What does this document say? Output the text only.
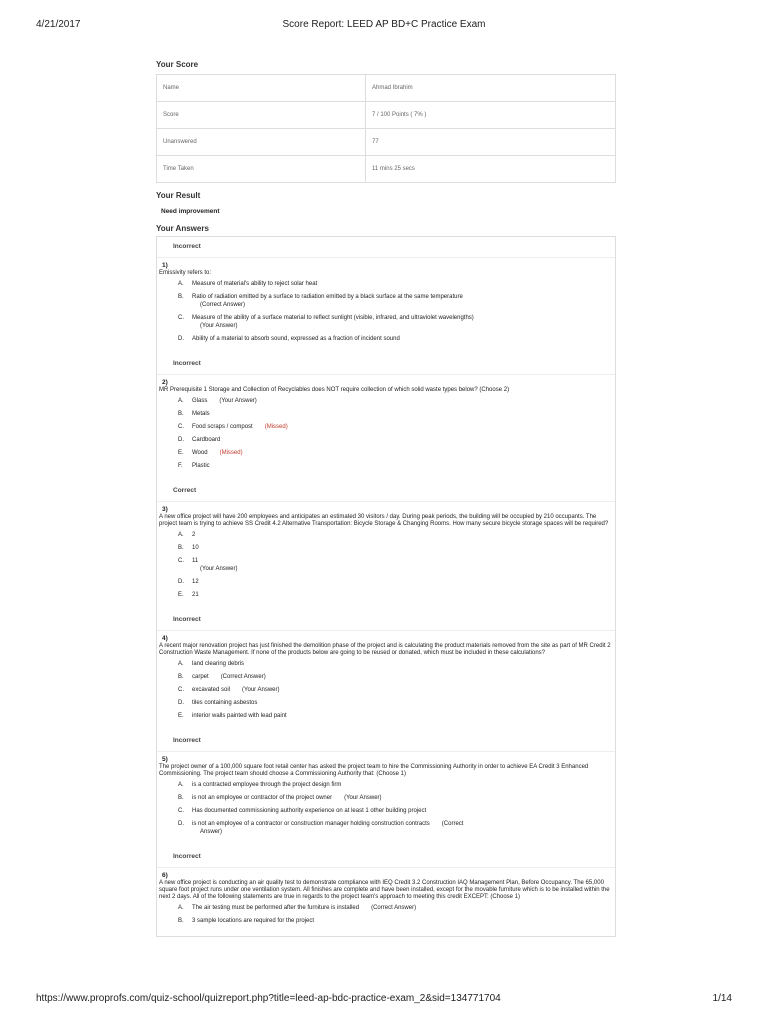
4/21/2017	Score Report: LEED AP BD+C Practice Exam
Your Score
Name	Ahmad Ibrahim
Score	7 / 100 Points ( 7% )
Unanswered	77
Time Taken	11 mins 25 secs
Your Result
Need improvement
Your Answers
Incorrect
1)
Emissivity refers to:
A. Measure of material's ability to reject solar heat
B. Ratio of radiation emitted by a surface to radiation emitted by a black surface at the same temperature
(Correct Answer)
C. Measure of the ability of a surface material to reflect sunlight (visible, infrared, and ultraviolet wavelengths)
(Your Answer)
D. Ability of a material to absorb sound, expressed as a fraction of incident sound
Incorrect
2)
MR Prerequisite 1 Storage and Collection of Recyclables does NOT require collection of which solid waste types below? (Choose 2)
A. Glass (Your Answer)
B. Metals
C. Food scraps / compost (Missed)
D. Cardboard
E. Wood (Missed)
F. Plastic
Correct
3)
A new office project will have 200 employees and anticipates an estimated 30 visitors / day. During peak periods, the building will be occupied by 210 occupants. The project team is trying to achieve SS Credit 4.2 Alternative Transportation: Bicycle Storage & Changing Rooms. How many secure bicycle storage spaces will be required?
A. 2
B. 10
C. 11
(Your Answer)
D. 12
E. 21
Incorrect
4)
A recent major renovation project has just finished the demolition phase of the project and is calculating the product materials removed from the site as part of MR Credit 2 Construction Waste Management. If none of the products below are going to be reused or donated, which must be included in these calculations?
A. land clearing debris
B. carpet (Correct Answer)
C. excavated soil (Your Answer)
D. tiles containing asbestos
E. interior walls painted with lead paint
Incorrect
5)
The project owner of a 100,000 square foot retail center has asked the project team to hire the Commissioning Authority in order to achieve EA Credit 3 Enhanced Commissioning. The project team should choose a Commissioning Authority that: (Choose 1)
A. is a contracted employee through the project design firm
B. is not an employee or contractor of the project owner (Your Answer)
C. Has documented commissioning authority experience on at least 1 other building project
D. is not an employee of a contractor or construction manager holding construction contracts (Correct
Answer)
Incorrect
6)
A new office project is conducting an air quality test to demonstrate compliance with IEQ Credit 3.2 Construction IAQ Management Plan, Before Occupancy. The 65,000 square foot project runs under one ventilation system. All finishes are complete and have been installed, except for the movable furniture which is to be installed within the next 2 days. All of the following statements are true in regards to the project team's approach to meeting this credit EXCEPT: (Choose 1)
A. The air testing must be performed after the furniture is installed (Correct Answer)
B. 3 sample locations are required for the project
https://www.proprofs.com/quiz-school/quizreport.php?title=leed-ap-bdc-practice-exam_2&sid=134771704	1/14
